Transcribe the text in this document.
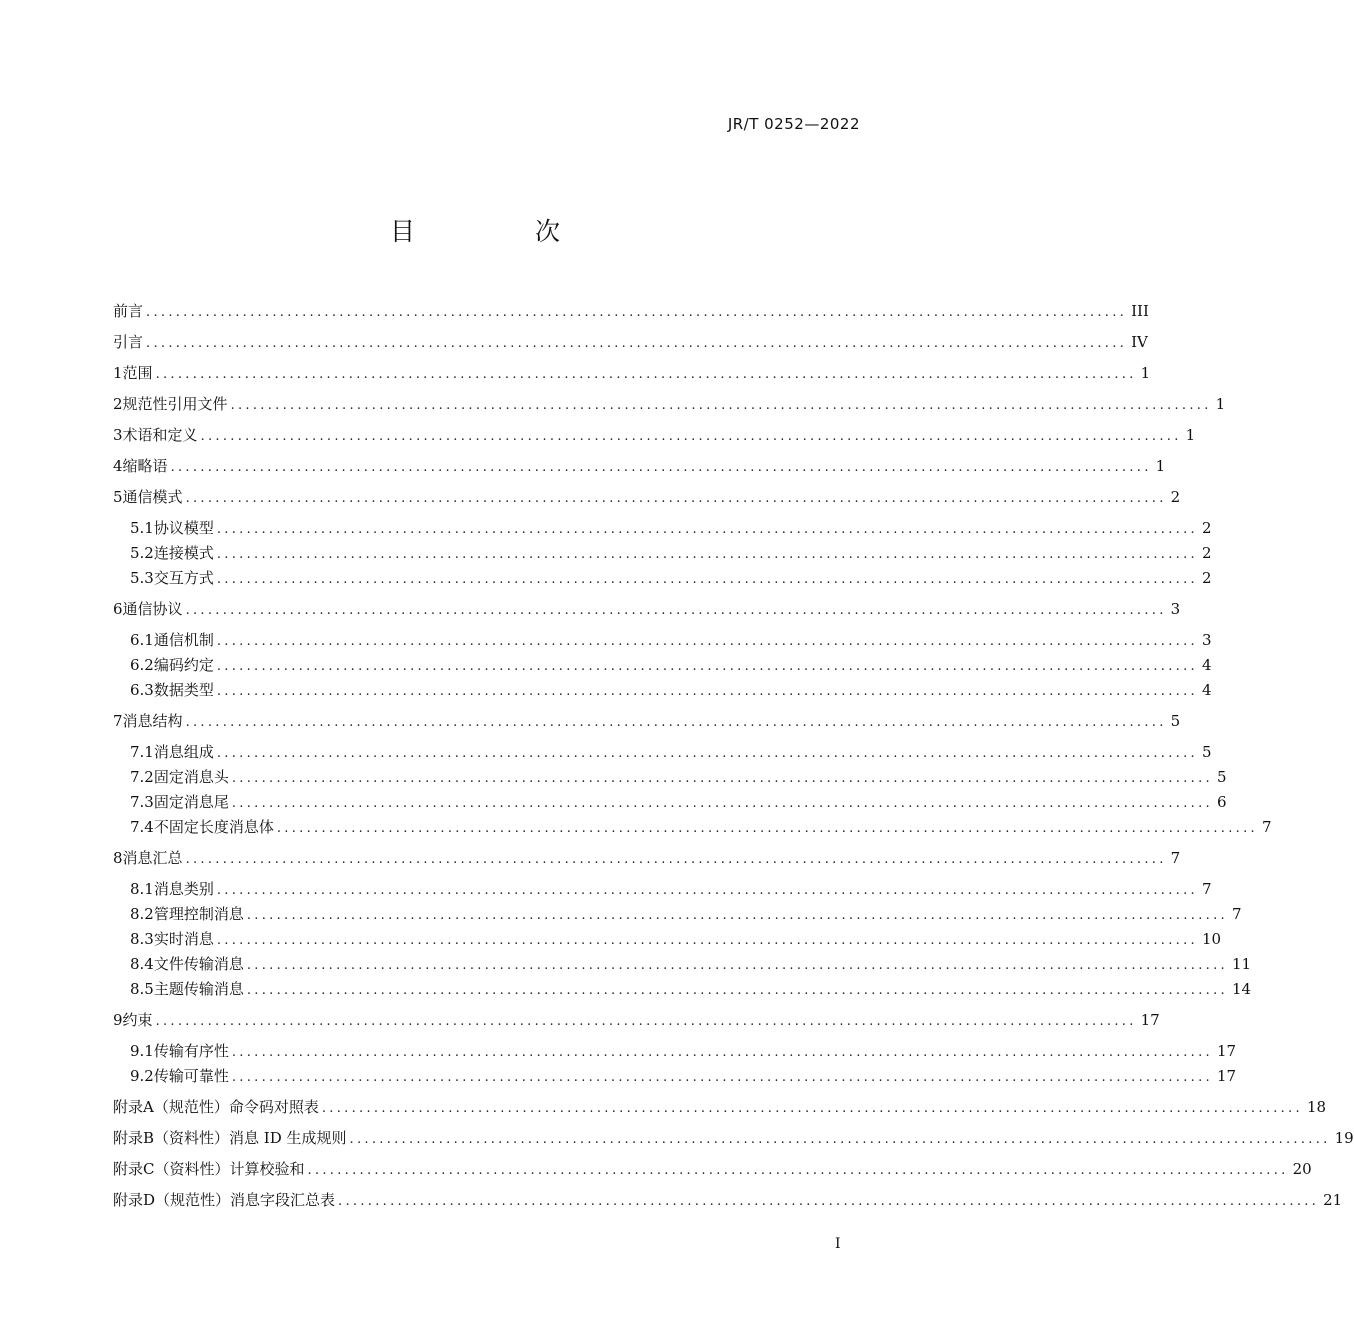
JR/T 0252—2022
目 次
前言 .................................................................................................................................... III
引言 .................................................................................................................................... IV
1 范围 .................................................................................................................................... 1
2 规范性引用文件 .................................................................................................................................... 1
3 术语和定义 .................................................................................................................................... 1
4 缩略语 .................................................................................................................................... 1
5 通信模式 .................................................................................................................................... 2
5.1 协议模型 .................................................................................................................................... 2
5.2 连接模式 .................................................................................................................................... 2
5.3 交互方式 .................................................................................................................................... 2
6 通信协议 .................................................................................................................................... 3
6.1 通信机制 .................................................................................................................................... 3
6.2 编码约定 .................................................................................................................................... 4
6.3 数据类型 .................................................................................................................................... 4
7 消息结构 .................................................................................................................................... 5
7.1 消息组成 .................................................................................................................................... 5
7.2 固定消息头 .................................................................................................................................... 5
7.3 固定消息尾 .................................................................................................................................... 6
7.4 不固定长度消息体 .................................................................................................................................... 7
8 消息汇总 .................................................................................................................................... 7
8.1 消息类别 .................................................................................................................................... 7
8.2 管理控制消息 .................................................................................................................................... 7
8.3 实时消息 .................................................................................................................................... 10
8.4 文件传输消息 .................................................................................................................................... 11
8.5 主题传输消息 .................................................................................................................................... 14
9 约束 .................................................................................................................................... 17
9.1 传输有序性 .................................................................................................................................... 17
9.2 传输可靠性 .................................................................................................................................... 17
附录A（规范性） 命令码对照表 .................................................................................................................................... 18
附录B（资料性） 消息 ID 生成规则 .................................................................................................................................... 19
附录C（资料性） 计算校验和 .................................................................................................................................... 20
附录D（规范性） 消息字段汇总表 .................................................................................................................................... 21
I
